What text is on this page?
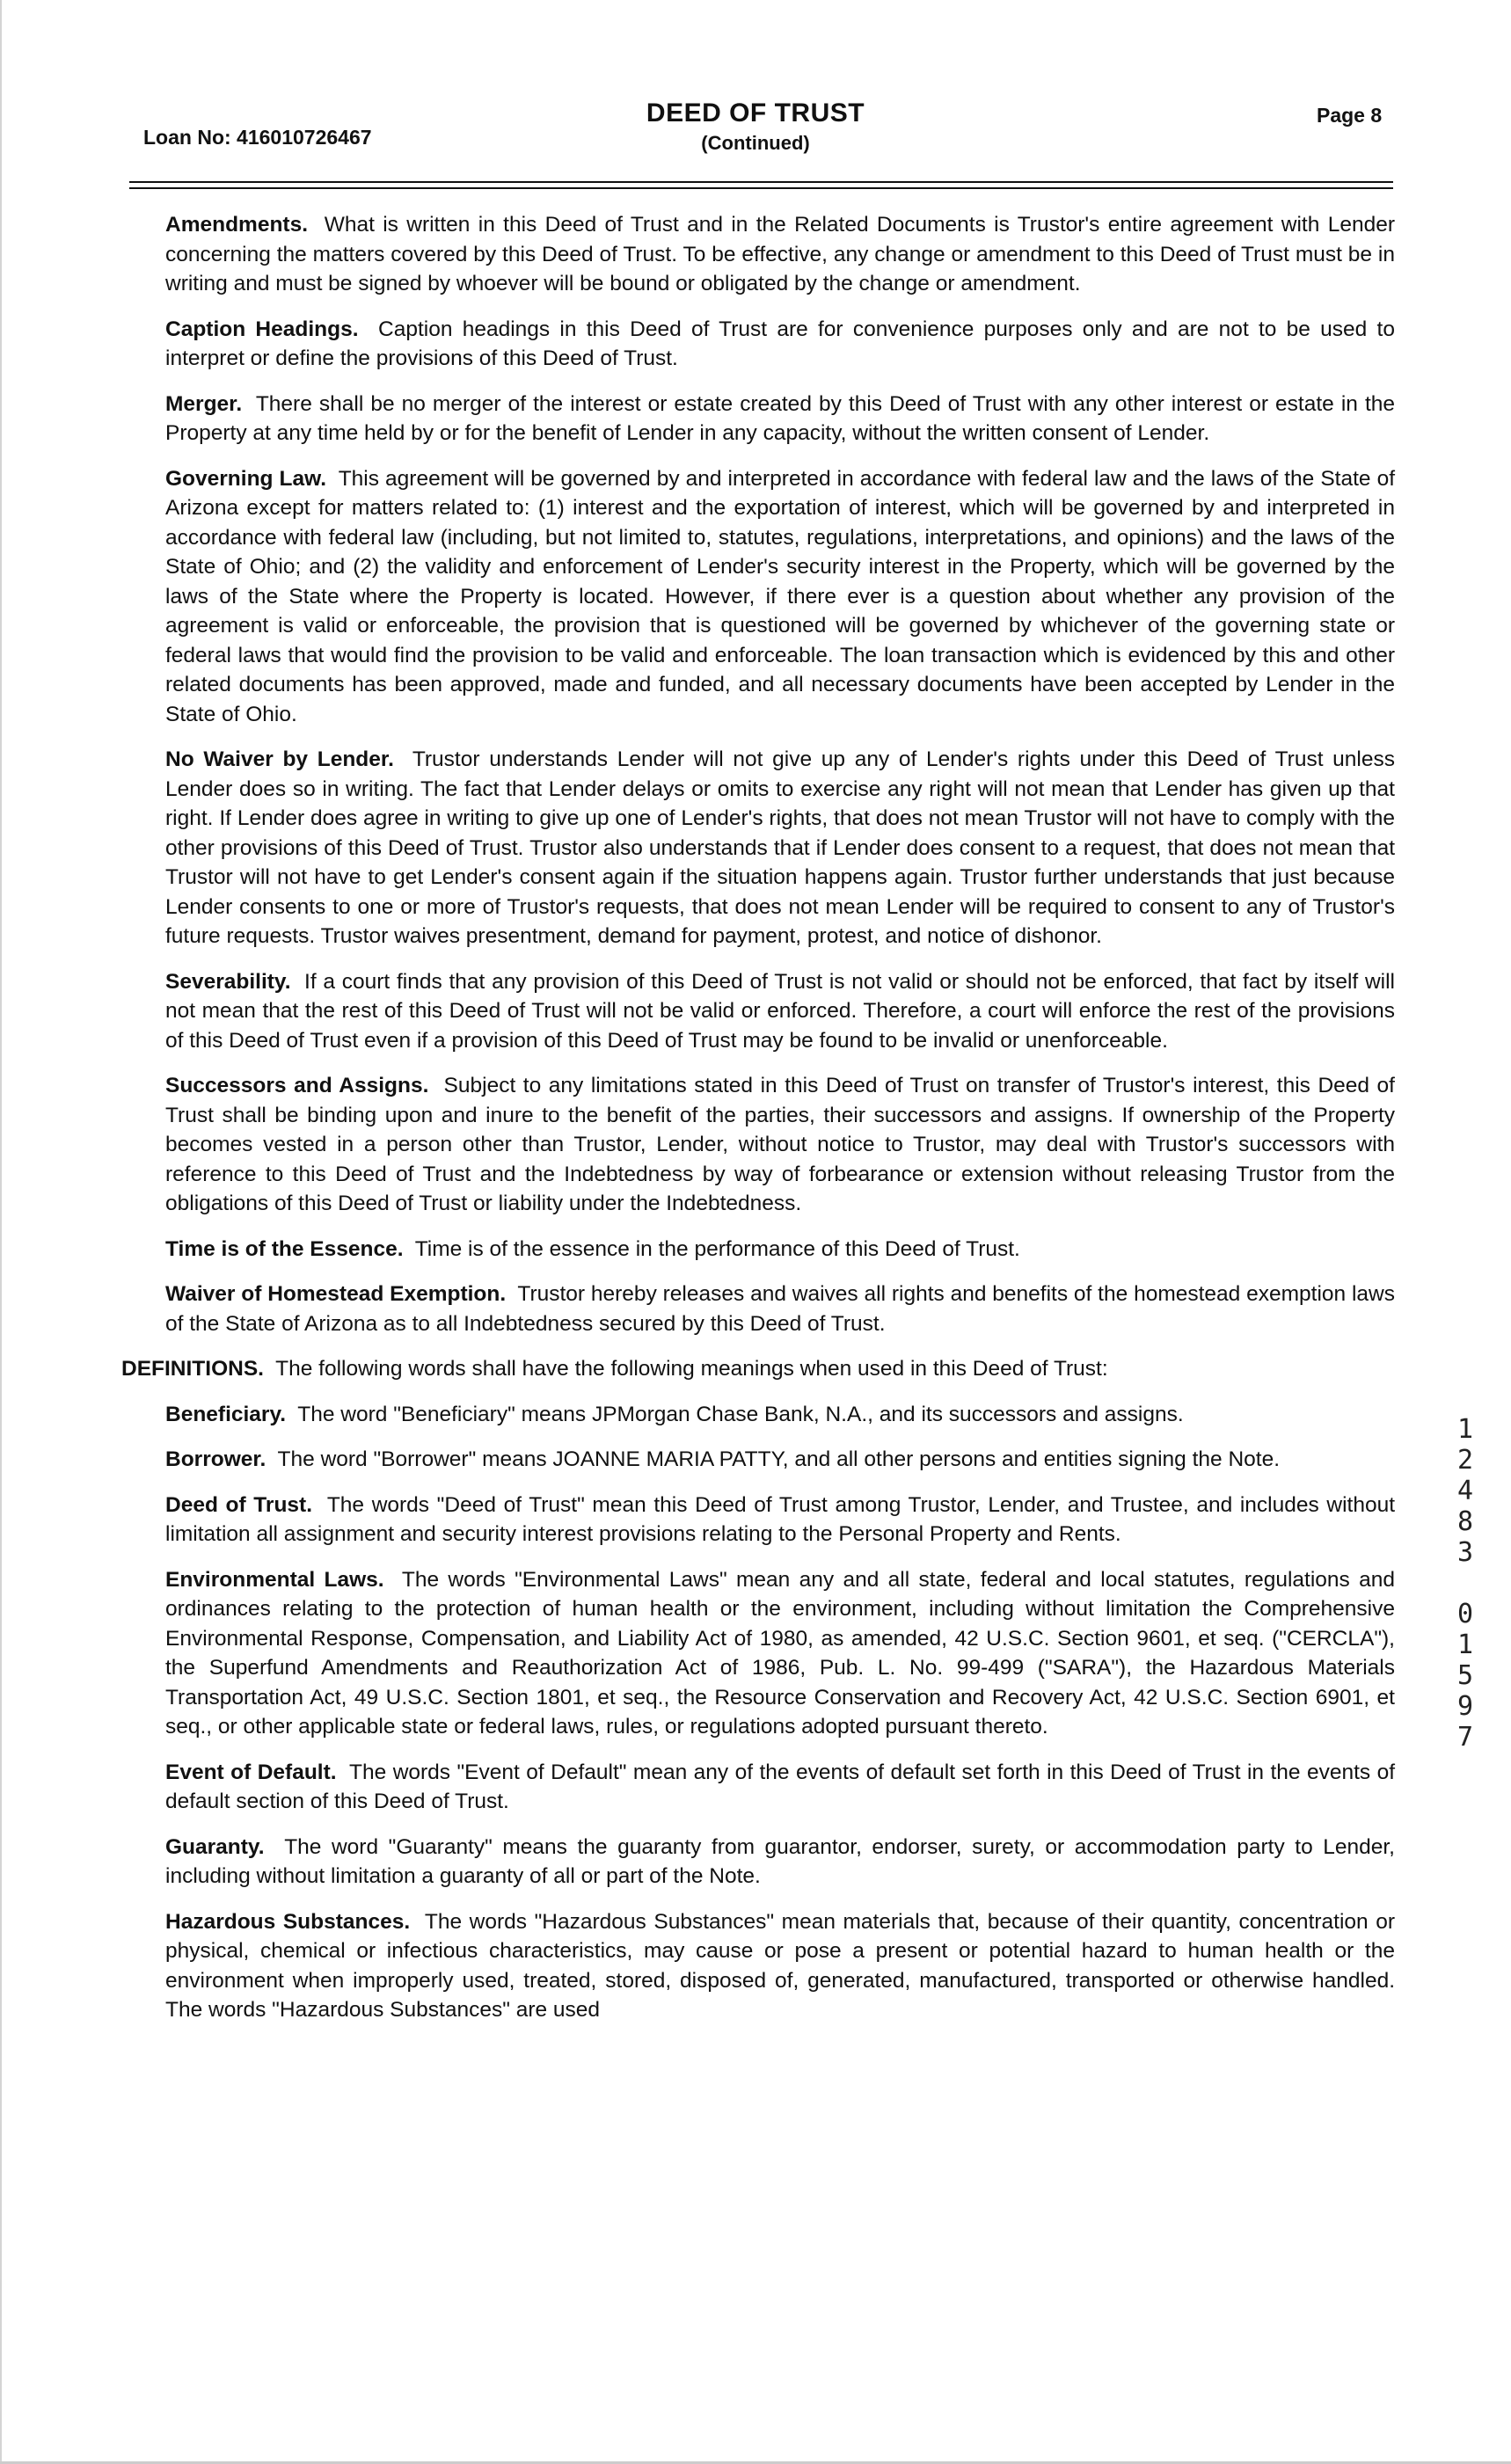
Loan No: 416010726467
DEED OF TRUST
(Continued)
Page 8

Amendments. What is written in this Deed of Trust and in the Related Documents is Trustor's entire agreement with Lender concerning the matters covered by this Deed of Trust. To be effective, any change or amendment to this Deed of Trust must be in writing and must be signed by whoever will be bound or obligated by the change or amendment.

Caption Headings. Caption headings in this Deed of Trust are for convenience purposes only and are not to be used to interpret or define the provisions of this Deed of Trust.

Merger. There shall be no merger of the interest or estate created by this Deed of Trust with any other interest or estate in the Property at any time held by or for the benefit of Lender in any capacity, without the written consent of Lender.

Governing Law. This agreement will be governed by and interpreted in accordance with federal law and the laws of the State of Arizona except for matters related to: (1) interest and the exportation of interest, which will be governed by and interpreted in accordance with federal law (including, but not limited to, statutes, regulations, interpretations, and opinions) and the laws of the State of Ohio; and (2) the validity and enforcement of Lender's security interest in the Property, which will be governed by the laws of the State where the Property is located. However, if there ever is a question about whether any provision of the agreement is valid or enforceable, the provision that is questioned will be governed by whichever of the governing state or federal laws that would find the provision to be valid and enforceable. The loan transaction which is evidenced by this and other related documents has been approved, made and funded, and all necessary documents have been accepted by Lender in the State of Ohio.

No Waiver by Lender. Trustor understands Lender will not give up any of Lender's rights under this Deed of Trust unless Lender does so in writing. The fact that Lender delays or omits to exercise any right will not mean that Lender has given up that right. If Lender does agree in writing to give up one of Lender's rights, that does not mean Trustor will not have to comply with the other provisions of this Deed of Trust. Trustor also understands that if Lender does consent to a request, that does not mean that Trustor will not have to get Lender's consent again if the situation happens again. Trustor further understands that just because Lender consents to one or more of Trustor's requests, that does not mean Lender will be required to consent to any of Trustor's future requests. Trustor waives presentment, demand for payment, protest, and notice of dishonor.

Severability. If a court finds that any provision of this Deed of Trust is not valid or should not be enforced, that fact by itself will not mean that the rest of this Deed of Trust will not be valid or enforced. Therefore, a court will enforce the rest of the provisions of this Deed of Trust even if a provision of this Deed of Trust may be found to be invalid or unenforceable.

Successors and Assigns. Subject to any limitations stated in this Deed of Trust on transfer of Trustor's interest, this Deed of Trust shall be binding upon and inure to the benefit of the parties, their successors and assigns. If ownership of the Property becomes vested in a person other than Trustor, Lender, without notice to Trustor, may deal with Trustor's successors with reference to this Deed of Trust and the Indebtedness by way of forbearance or extension without releasing Trustor from the obligations of this Deed of Trust or liability under the Indebtedness.

Time is of the Essence. Time is of the essence in the performance of this Deed of Trust.

Waiver of Homestead Exemption. Trustor hereby releases and waives all rights and benefits of the homestead exemption laws of the State of Arizona as to all Indebtedness secured by this Deed of Trust.

DEFINITIONS. The following words shall have the following meanings when used in this Deed of Trust:

Beneficiary. The word "Beneficiary" means JPMorgan Chase Bank, N.A., and its successors and assigns.

Borrower. The word "Borrower" means JOANNE MARIA PATTY, and all other persons and entities signing the Note.

Deed of Trust. The words "Deed of Trust" mean this Deed of Trust among Trustor, Lender, and Trustee, and includes without limitation all assignment and security interest provisions relating to the Personal Property and Rents.

Environmental Laws. The words "Environmental Laws" mean any and all state, federal and local statutes, regulations and ordinances relating to the protection of human health or the environment, including without limitation the Comprehensive Environmental Response, Compensation, and Liability Act of 1980, as amended, 42 U.S.C. Section 9601, et seq. ("CERCLA"), the Superfund Amendments and Reauthorization Act of 1986, Pub. L. No. 99-499 ("SARA"), the Hazardous Materials Transportation Act, 49 U.S.C. Section 1801, et seq., the Resource Conservation and Recovery Act, 42 U.S.C. Section 6901, et seq., or other applicable state or federal laws, rules, or regulations adopted pursuant thereto.

Event of Default. The words "Event of Default" mean any of the events of default set forth in this Deed of Trust in the events of default section of this Deed of Trust.

Guaranty. The word "Guaranty" means the guaranty from guarantor, endorser, surety, or accommodation party to Lender, including without limitation a guaranty of all or part of the Note.

Hazardous Substances. The words "Hazardous Substances" mean materials that, because of their quantity, concentration or physical, chemical or infectious characteristics, may cause or pose a present or potential hazard to human health or the environment when improperly used, treated, stored, disposed of, generated, manufactured, transported or otherwise handled. The words "Hazardous Substances" are used

1
2
4
8
3

0
1
5
9
7
